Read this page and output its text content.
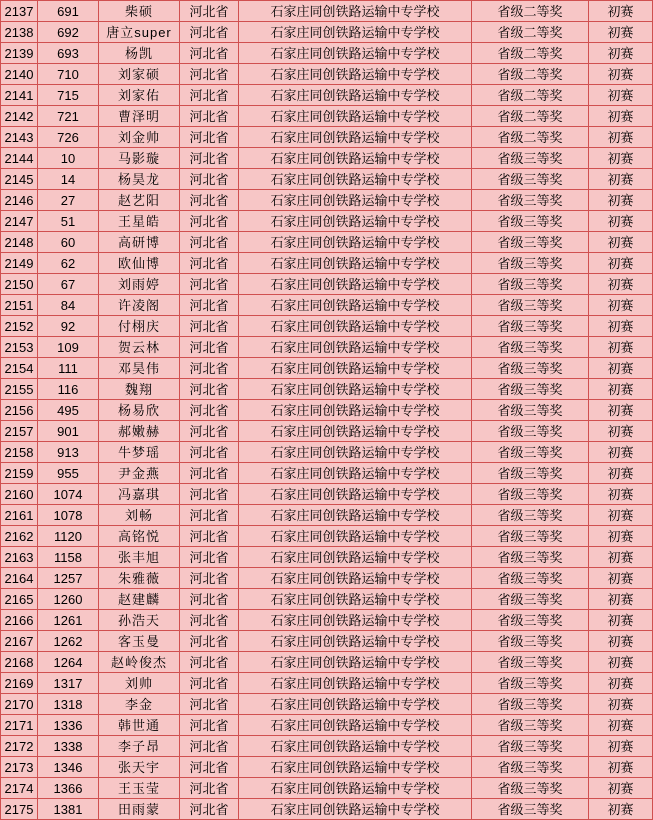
2137	691	柴硕	河北省	石家庄同创铁路运输中专学校	省级二等奖	初赛
2138	692	唐立super	河北省	石家庄同创铁路运输中专学校	省级二等奖	初赛
2139	693	杨凯	河北省	石家庄同创铁路运输中专学校	省级二等奖	初赛
2140	710	刘家硕	河北省	石家庄同创铁路运输中专学校	省级二等奖	初赛
2141	715	刘家佑	河北省	石家庄同创铁路运输中专学校	省级二等奖	初赛
2142	721	曹泽明	河北省	石家庄同创铁路运输中专学校	省级二等奖	初赛
2143	726	刘金帅	河北省	石家庄同创铁路运输中专学校	省级二等奖	初赛
2144	10	马影璇	河北省	石家庄同创铁路运输中专学校	省级三等奖	初赛
2145	14	杨昊龙	河北省	石家庄同创铁路运输中专学校	省级三等奖	初赛
2146	27	赵艺阳	河北省	石家庄同创铁路运输中专学校	省级三等奖	初赛
2147	51	王星皓	河北省	石家庄同创铁路运输中专学校	省级三等奖	初赛
2148	60	高研博	河北省	石家庄同创铁路运输中专学校	省级三等奖	初赛
2149	62	欧仙博	河北省	石家庄同创铁路运输中专学校	省级三等奖	初赛
2150	67	刘雨婷	河北省	石家庄同创铁路运输中专学校	省级三等奖	初赛
2151	84	许凌阁	河北省	石家庄同创铁路运输中专学校	省级三等奖	初赛
2152	92	付栩庆	河北省	石家庄同创铁路运输中专学校	省级三等奖	初赛
2153	109	贺云林	河北省	石家庄同创铁路运输中专学校	省级三等奖	初赛
2154	111	邓昊伟	河北省	石家庄同创铁路运输中专学校	省级三等奖	初赛
2155	116	魏翔	河北省	石家庄同创铁路运输中专学校	省级三等奖	初赛
2156	495	杨易欣	河北省	石家庄同创铁路运输中专学校	省级三等奖	初赛
2157	901	郝嫩赫	河北省	石家庄同创铁路运输中专学校	省级三等奖	初赛
2158	913	牛梦瑶	河北省	石家庄同创铁路运输中专学校	省级三等奖	初赛
2159	955	尹金燕	河北省	石家庄同创铁路运输中专学校	省级三等奖	初赛
2160	1074	冯嘉琪	河北省	石家庄同创铁路运输中专学校	省级三等奖	初赛
2161	1078	刘畅	河北省	石家庄同创铁路运输中专学校	省级三等奖	初赛
2162	1120	高铭悦	河北省	石家庄同创铁路运输中专学校	省级三等奖	初赛
2163	1158	张丰旭	河北省	石家庄同创铁路运输中专学校	省级三等奖	初赛
2164	1257	朱雅薇	河北省	石家庄同创铁路运输中专学校	省级三等奖	初赛
2165	1260	赵建麟	河北省	石家庄同创铁路运输中专学校	省级三等奖	初赛
2166	1261	孙浩天	河北省	石家庄同创铁路运输中专学校	省级三等奖	初赛
2167	1262	客玉曼	河北省	石家庄同创铁路运输中专学校	省级三等奖	初赛
2168	1264	赵岭俊杰	河北省	石家庄同创铁路运输中专学校	省级三等奖	初赛
2169	1317	刘帅	河北省	石家庄同创铁路运输中专学校	省级三等奖	初赛
2170	1318	李金	河北省	石家庄同创铁路运输中专学校	省级三等奖	初赛
2171	1336	韩世通	河北省	石家庄同创铁路运输中专学校	省级三等奖	初赛
2172	1338	李子昂	河北省	石家庄同创铁路运输中专学校	省级三等奖	初赛
2173	1346	张天宇	河北省	石家庄同创铁路运输中专学校	省级三等奖	初赛
2174	1366	王玉莹	河北省	石家庄同创铁路运输中专学校	省级三等奖	初赛
2175	1381	田雨蒙	河北省	石家庄同创铁路运输中专学校	省级三等奖	初赛
